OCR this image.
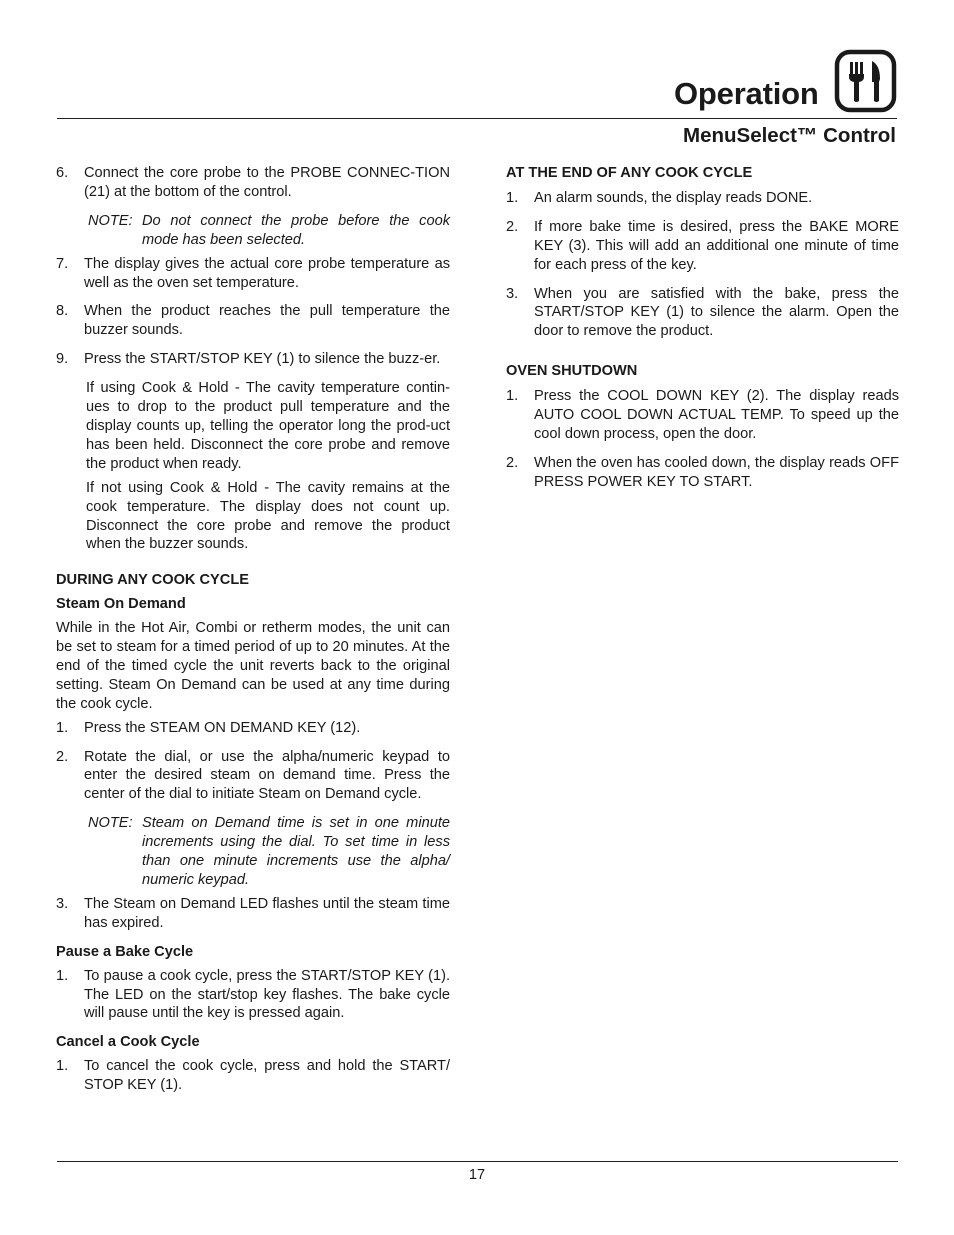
Operation
MenuSelect™ Control
6. Connect the core probe to the PROBE CONNEC-TION (21) at the bottom of the control.
NOTE: Do not connect the probe before the cook mode has been selected.
7. The display gives the actual core probe temperature as well as the oven set temperature.
8. When the product reaches the pull temperature the buzzer sounds.
9. Press the START/STOP KEY (1) to silence the buzz-er.
If using Cook & Hold - The cavity temperature contin-ues to drop to the product pull temperature and the display counts up, telling the operator long the prod-uct has been held. Disconnect the core probe and remove the product when ready.
If not using Cook & Hold - The cavity remains at the cook temperature. The display does not count up. Disconnect the core probe and remove the product when the buzzer sounds.
DURING ANY COOK CYCLE
Steam On Demand
While in the Hot Air, Combi or retherm modes, the unit can be set to steam for a timed period of up to 20 minutes. At the end of the timed cycle the unit reverts back to the original setting. Steam On Demand can be used at any time during the cook cycle.
1. Press the STEAM ON DEMAND KEY (12).
2. Rotate the dial, or use the alpha/numeric keypad to enter the desired steam on demand time. Press the center of the dial to initiate Steam on Demand cycle.
NOTE: Steam on Demand time is set in one minute increments using the dial. To set time in less than one minute increments use the alpha/ numeric keypad.
3. The Steam on Demand LED flashes until the steam time has expired.
Pause a Bake Cycle
1. To pause a cook cycle, press the START/STOP KEY (1). The LED on the start/stop key flashes. The bake cycle will pause until the key is pressed again.
Cancel a Cook Cycle
1. To cancel the cook cycle, press and hold the START/ STOP KEY (1).
AT THE END OF ANY COOK CYCLE
1. An alarm sounds, the display reads DONE.
2. If more bake time is desired, press the BAKE MORE KEY (3). This will add an additional one minute of time for each press of the key.
3. When you are satisfied with the bake, press the START/STOP KEY (1) to silence the alarm. Open the door to remove the product.
OVEN SHUTDOWN
1. Press the COOL DOWN KEY (2). The display reads AUTO COOL DOWN ACTUAL TEMP. To speed up the cool down process, open the door.
2. When the oven has cooled down, the display reads OFF PRESS POWER KEY TO START.
17
